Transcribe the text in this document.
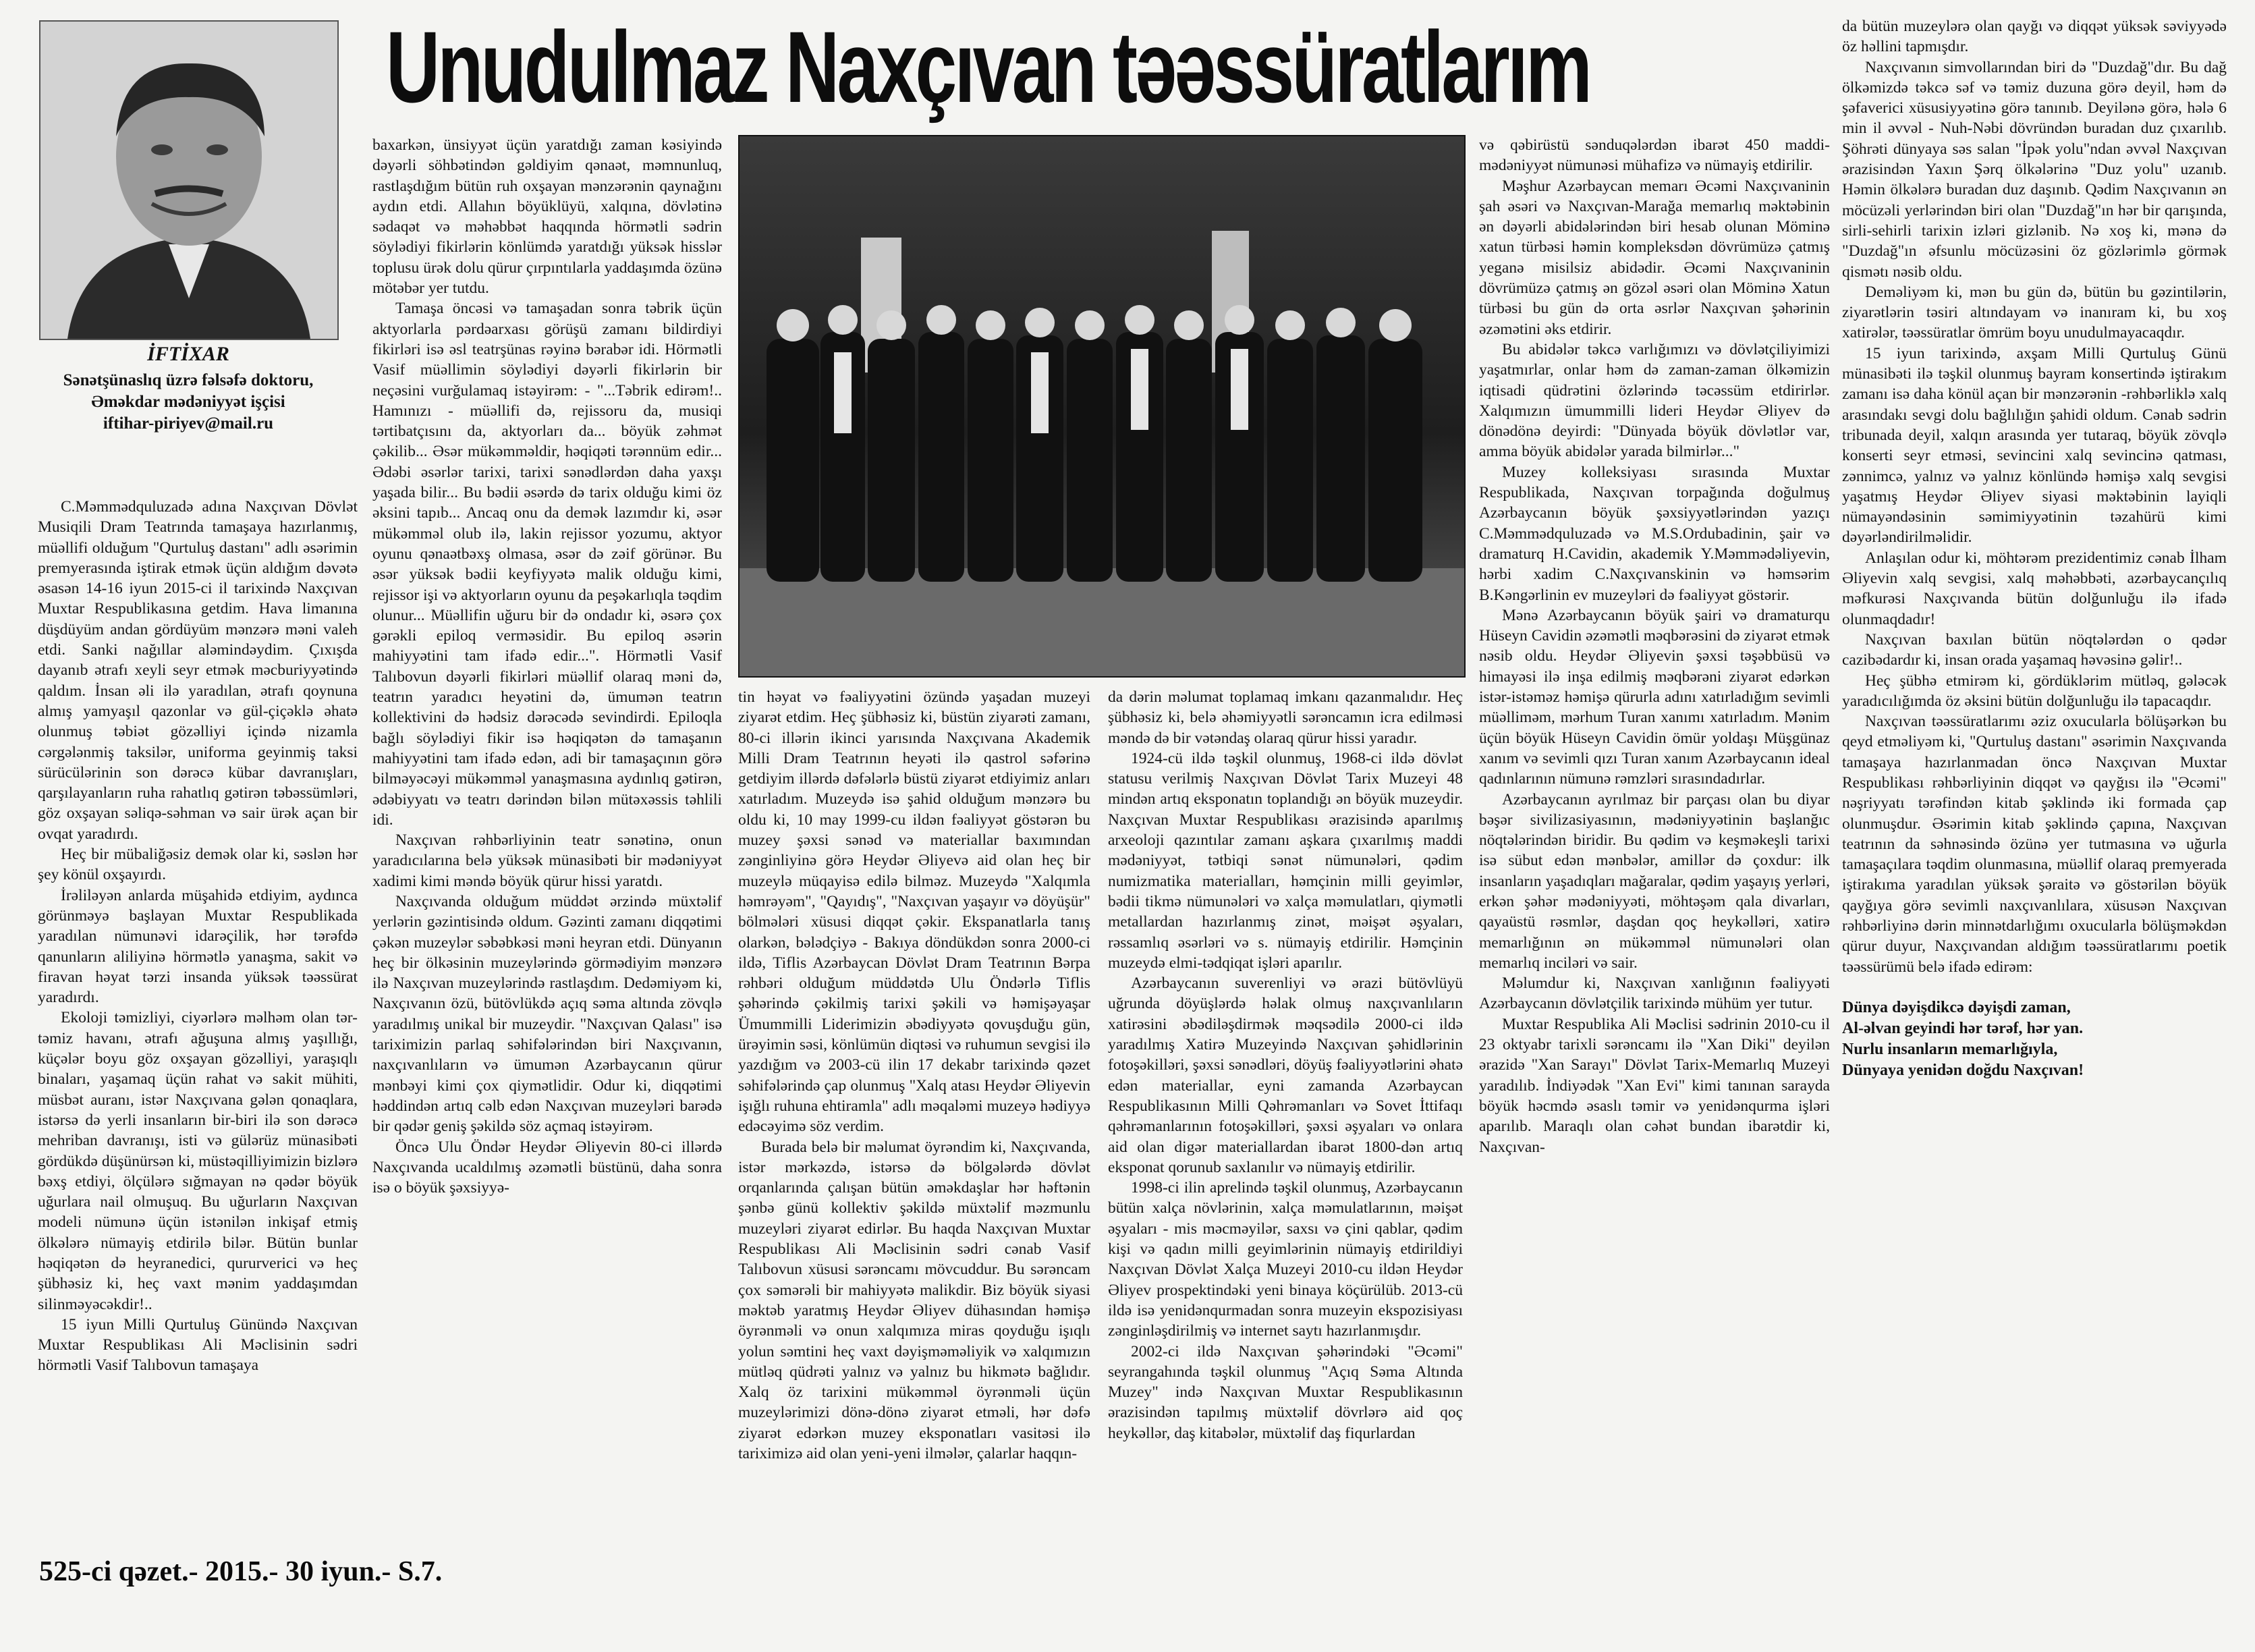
Unudulmaz Naxçıvan təəssüratlarım

İFTİXAR

Sənətşünaslıq üzrə fəlsəfə doktoru,

Əməkdar mədəniyyət işçisi

iftihar-piriyev@mail.ru

C.Məmmədquluzadə adına Naxçıvan Dövlət Musiqili Dram Teatrında tamaşaya hazırlanmış, müəllifi olduğum "Qurtuluş dastanı" adlı əsərimin premyerasında iştirak etmək üçün aldığım dəvətə əsasən 14-16 iyun 2015-ci il tarixində Naxçıvan Muxtar Respublikasına getdim. Hava limanına düşdüyüm andan gördüyüm mənzərə məni valeh etdi. Sanki nağıllar aləmindəydim. Çıxışda dayanıb ətrafı xeyli seyr etmək məcburiyyətində qaldım. İnsan əli ilə yaradılan, ətrafı qoynuna almış yamyaşıl qazonlar və gül-çiçəklə əhatə olunmuş təbiət gözəlliyi içində nizamla cərgələnmiş taksilər, uniforma geyinmiş taksi sürücülərinin son dərəcə kübar davranışları, qarşılayanların ruha rahatlıq gətirən təbəssümləri, göz oxşayan səliqə-səhman və sair ürək açan bir ovqat yaradırdı.

Heç bir mübaliğəsiz demək olar ki, səslən hər şey könül oxşayırdı.

İrəliləyən anlarda müşahidə etdiyim, aydınca görünməyə başlayan Muxtar Respublikada yaradılan nümunəvi idarəçilik, hər tərəfdə qanunların aliliyinə hörmətlə yanaşma, sakit və firavan həyat tərzi insanda yüksək təəssürat yaradırdı.

Ekoloji təmizliyi, ciyərlərə məlhəm olan tər-təmiz havanı, ətrafı ağuşuna almış yaşıllığı, küçələr boyu göz oxşayan gözəlliyi, yaraşıqlı binaları, yaşamaq üçün rahat və sakit mühiti, müsbət auranı, istər Naxçıvana gələn qonaqlara, istərsə də yerli insanların bir-biri ilə son dərəcə mehriban davranışı, isti və gülərüz münasibəti gördükdə düşünürsən ki, müstəqilliyimizin bizlərə bəxş etdiyi, ölçülərə sığmayan nə qədər böyük uğurlara nail olmuşuq. Bu uğurların Naxçıvan modeli nümunə üçün istənilən inkişaf etmiş ölkələrə nümayiş etdirilə bilər. Bütün bunlar həqiqətən də heyranedici, qururverici və heç şübhəsiz ki, heç vaxt mənim yaddaşımdan silinməyəcəkdir!..

15 iyun Milli Qurtuluş Günündə Naxçıvan Muxtar Respublikası Ali Məclisinin sədri hörmətli Vasif Talıbovun tamaşaya

baxarkən, ünsiyyət üçün yaratdığı zaman kəsiyində dəyərli söhbətindən gəldiyim qənaət, məmnunluq, rastlaşdığım bütün ruh oxşayan mənzərənin qaynağını aydın etdi. Allahın böyüklüyü, xalqına, dövlətinə sədaqət və məhəbbət haqqında hörmətli sədrin söylədiyi fikirlərin könlümdə yaratdığı yüksək hisslər toplusu ürək dolu qürur çırpıntılarla yaddaşımda özünə mötəbər yer tutdu.

Tamaşa öncəsi və tamaşadan sonra təbrik üçün aktyorlarla pərdəarxası görüşü zamanı bildirdiyi fikirləri isə əsl teatrşünas rəyinə bərabər idi. Hörmətli Vasif müəllimin söylədiyi dəyərli fikirlərin bir neçəsini vurğulamaq istəyirəm: - "...Təbrik edirəm!.. Hamınızı - müəllifi də, rejissoru da, musiqi tərtibatçısını da, aktyorları da... böyük zəhmət çəkilib... Əsər mükəmməldir, həqiqəti tərənnüm edir... Ədəbi əsərlər tarixi, tarixi sənədlərdən daha yaxşı yaşada bilir... Bu bədii əsərdə də tarix olduğu kimi öz əksini tapıb... Ancaq onu da demək lazımdır ki, əsər mükəmməl olub ilə, lakin rejissor yozumu, aktyor oyunu qənaətbəxş olmasa, əsər də zəif görünər. Bu əsər yüksək bədii keyfiyyətə malik olduğu kimi, rejissor işi və aktyorların oyunu da peşəkarlıqla təqdim olunur... Müəllifin uğuru bir də ondadır ki, əsərə çox gərəkli epiloq verməsidir. Bu epiloq əsərin mahiyyətini tam ifadə edir...". Hörmətli Vasif Talıbovun dəyərli fikirləri müəllif olaraq məni də, teatrın yaradıcı heyətini də, ümumən teatrın kollektivini də hədsiz dərəcədə sevindirdi. Epiloqla bağlı söylədiyi fikir isə həqiqətən də tamaşanın mahiyyətini tam ifadə edən, adi bir tamaşaçının görə bilməyəcəyi mükəmməl yanaşmasına aydınlıq gətirən, ədəbiyyatı və teatrı dərindən bilən mütəxəssis təhlili idi.

Naxçıvan rəhbərliyinin teatr sənətinə, onun yaradıcılarına belə yüksək münasibəti bir mədəniyyət xadimi kimi məndə böyük qürur hissi yaratdı.

Naxçıvanda olduğum müddət ərzində müxtəlif yerlərin gəzintisində oldum. Gəzinti zamanı diqqətimi çəkən muzeylər səbəbkəsi məni heyran etdi. Dünyanın heç bir ölkəsinin muzeylərində görmədiyim mənzərə ilə Naxçıvan muzeylərində rastlaşdım. Dedəmiyəm ki, Naxçıvanın özü, bütövlükdə açıq səma altında zövqlə yaradılmış unikal bir muzeydir. "Naxçıvan Qalası" isə tariximizin parlaq səhifələrindən biri Naxçıvanın, naxçıvanlıların və ümumən Azərbaycanın qürur mənbəyi kimi çox qiymətlidir. Odur ki, diqqətimi həddindən artıq cəlb edən Naxçıvan muzeyləri barədə bir qədər geniş şəkildə söz açmaq istəyirəm.

Öncə Ulu Öndər Heydər Əliyevin 80-ci illərdə Naxçıvanda ucaldılmış əzəmətli büstünü, daha sonra isə o böyük şəxsiyyə-

tin həyat və fəaliyyətini özündə yaşadan muzeyi ziyarət etdim. Heç şübhəsiz ki, büstün ziyarəti zamanı, 80-ci illərin ikinci yarısında Naxçıvana Akademik Milli Dram Teatrının heyəti ilə qastrol səfərinə getdiyim illərdə dəfələrlə büstü ziyarət etdiyimiz anları xatırladım. Muzeydə isə şahid olduğum mənzərə bu oldu ki, 10 may 1999-cu ildən fəaliyyət göstərən bu muzey şəxsi sənəd və materiallar baxımından zənginliyinə görə Heydər Əliyevə aid olan heç bir muzeylə müqayisə edilə bilməz. Muzeydə "Xalqımla həmrəyəm", "Qayıdış", "Naxçıvan yaşayır və döyüşür" bölmələri xüsusi diqqət çəkir. Ekspanatlarla tanış olarkən, bələdçiyə - Bakıya döndükdən sonra 2000-ci ildə, Tiflis Azərbaycan Dövlət Dram Teatrının Bərpa rəhbəri olduğum müddətdə Ulu Öndərlə Tiflis şəhərində çəkilmiş tarixi şəkili və həmişəyaşar Ümummilli Liderimizin əbədiyyətə qovuşduğu gün, ürəyimin səsi, könlümün diqtəsi və ruhumun sevgisi ilə yazdığım və 2003-cü ilin 17 dekabr tarixində qəzet səhifələrində çap olunmuş "Xalq atası Heydər Əliyevin işığlı ruhuna ehtiramla" adlı məqaləmi muzeyə hədiyyə edəcəyimə söz verdim.

Burada belə bir məlumat öyrəndim ki, Naxçıvanda, istər mərkəzdə, istərsə də bölgələrdə dövlət orqanlarında çalışan bütün əməkdaşlar hər həftənin şənbə günü kollektiv şəkildə müxtəlif məzmunlu muzeyləri ziyarət edirlər. Bu haqda Naxçıvan Muxtar Respublikası Ali Məclisinin sədri cənab Vasif Talıbovun xüsusi sərəncamı mövcuddur. Bu sərəncam çox səmərəli bir mahiyyətə malikdir. Biz böyük siyasi məktəb yaratmış Heydər Əliyev dühasından həmişə öyrənməli və onun xalqımıza miras qoyduğu işıqlı yolun səmtini heç vaxt dəyişməməliyik və xalqımızın mütləq qüdrəti yalnız və yalnız bu hikmətə bağlıdır. Xalq öz tarixini mükəmməl öyrənməli üçün muzeylərimizi dönə-dönə ziyarət etməli, hər dəfə ziyarət edərkən muzey eksponatları vasitəsi ilə tariximizə aid olan yeni-yeni ilmələr, çalarlar haqqın-

da dərin məlumat toplamaq imkanı qazanmalıdır. Heç şübhəsiz ki, belə əhəmiyyətli sərəncamın icra edilməsi məndə də bir vətəndaş olaraq qürur hissi yaradır.

1924-cü ildə təşkil olunmuş, 1968-ci ildə dövlət statusu verilmiş Naxçıvan Dövlət Tarix Muzeyi 48 mindən artıq eksponatın toplandığı ən böyük muzeydir. Naxçıvan Muxtar Respublikası ərazisində aparılmış arxeoloji qazıntılar zamanı aşkara çıxarılmış maddi mədəniyyət, tətbiqi sənət nümunələri, qədim numizmatika materialları, həmçinin milli geyimlər, bədii tikmə nümunələri və xalça məmulatları, qiymətli metallardan hazırlanmış zinət, məişət əşyaları, rəssamlıq əsərləri və s. nümayiş etdirilir. Həmçinin muzeydə elmi-tədqiqat işləri aparılır.

Azərbaycanın suverenliyi və ərazi bütövlüyü uğrunda döyüşlərdə həlak olmuş naxçıvanlıların xatirəsini əbədiləşdirmək məqsədilə 2000-ci ildə yaradılmış Xatirə Muzeyində Naxçıvan şəhidlərinin fotoşəkilləri, şəxsi sənədləri, döyüş fəaliyyətlərini əhatə edən materiallar, eyni zamanda Azərbaycan Respublikasının Milli Qəhrəmanları və Sovet İttifaqı qəhrəmanlarının fotoşəkilləri, şəxsi əşyaları və onlara aid olan digər materiallardan ibarət 1800-dən artıq eksponat qorunub saxlanılır və nümayiş etdirilir.

1998-ci ilin aprelində təşkil olunmuş, Azərbaycanın bütün xalça növlərinin, xalça məmulatlarının, məişət əşyaları - mis məcməyilər, saxsı və çini qablar, qədim kişi və qadın milli geyimlərinin nümayiş etdirildiyi Naxçıvan Dövlət Xalça Muzeyi 2010-cu ildən Heydər Əliyev prospektindəki yeni binaya köçürülüb. 2013-cü ildə isə yenidənqurmadan sonra muzeyin ekspozisiyası zənginləşdirilmiş və internet saytı hazırlanmışdır.

2002-ci ildə Naxçıvan şəhərindəki "Əcəmi" seyrangahında təşkil olunmuş "Açıq Səma Altında Muzey" ində Naxçıvan Muxtar Respublikasının ərazisindən tapılmış müxtəlif dövrlərə aid qoç heykəllər, daş kitabələr, müxtəlif daş fiqurlardan

və qəbirüstü sənduqələrdən ibarət 450 maddi-mədəniyyət nümunəsi mühafizə və nümayiş etdirilir.

Məşhur Azərbaycan memarı Əcəmi Naxçıvaninin şah əsəri və Naxçıvan-Marağa memarlıq məktəbinin ən dəyərli abidələrindən biri hesab olunan Möminə xatun türbəsi həmin kompleksdən dövrümüzə çatmış yeganə misilsiz abidədir. Əcəmi Naxçıvaninin dövrümüzə çatmış ən gözəl əsəri olan Möminə Xatun türbəsi bu gün də orta əsrlər Naxçıvan şəhərinin əzəmətini əks etdirir.

Bu abidələr təkcə varlığımızı və dövlətçiliyimizi yaşatmırlar, onlar həm də zaman-zaman ölkəmizin iqtisadi qüdrətini özlərində təcəssüm etdirirlər. Xalqımızın ümummilli lideri Heydər Əliyev də dönədönə deyirdi: "Dünyada böyük dövlətlər var, amma böyük abidələr yarada bilmirlər..."

Muzey kolleksiyası sırasında Muxtar Respublikada, Naxçıvan torpağında doğulmuş Azərbaycanın böyük şəxsiyyətlərindən yazıçı C.Məmmədquluzadə və M.S.Ordubadinin, şair və dramaturq H.Cavidin, akademik Y.Məmmədəliyevin, hərbi xadim C.Naxçıvanskinin və həmsərim B.Kəngərlinin ev muzeyləri də fəaliyyət göstərir.

Mənə Azərbaycanın böyük şairi və dramaturqu Hüseyn Cavidin əzəmətli məqbərəsini də ziyarət etmək nəsib oldu. Heydər Əliyevin şəxsi təşəbbüsü və himayəsi ilə inşa edilmiş məqbərəni ziyarət edərkən istər-istəməz həmişə qürurla adını xatırladığım sevimli müəlliməm, mərhum Turan xanımı xatırladım. Mənim üçün böyük Hüseyn Cavidin ömür yoldaşı Müşgünaz xanım və sevimli qızı Turan xanım Azərbaycanın ideal qadınlarının nümunə rəmzləri sırasındadırlar.

Azərbaycanın ayrılmaz bir parçası olan bu diyar bəşər sivilizasiyasının, mədəniyyətinin başlanğıc nöqtələrindən biridir. Bu qədim və keşməkeşli tarixi isə sübut edən mənbələr, amillər də çoxdur: ilk insanların yaşadıqları mağaralar, qədim yaşayış yerləri, erkən şəhər mədəniyyəti, möhtəşəm qala divarları, qayaüstü rəsmlər, daşdan qoç heykəlləri, xatirə memarlığının ən mükəmməl nümunələri olan memarlıq inciləri və sair.

Məlumdur ki, Naxçıvan xanlığının fəaliyyəti Azərbaycanın dövlətçilik tarixində mühüm yer tutur.

Muxtar Respublika Ali Məclisi sədrinin 2010-cu il 23 oktyabr tarixli sərəncamı ilə "Xan Diki" deyilən ərazidə "Xan Sarayı" Dövlət Tarix-Memarlıq Muzeyi yaradılıb. İndiyədək "Xan Evi" kimi tanınan sarayda böyük həcmdə əsaslı təmir və yenidənqurma işləri aparılıb. Maraqlı olan cəhət bundan ibarətdir ki, Naxçıvan-

da bütün muzeylərə olan qayğı və diqqət yüksək səviyyədə öz həllini tapmışdır.

Naxçıvanın simvollarından biri də "Duzdağ"dır. Bu dağ ölkəmizdə təkcə səf və təmiz duzuna görə deyil, həm də şəfaverici xüsusiyyətinə görə tanınıb. Deyilənə görə, hələ 6 min il əvvəl - Nuh-Nəbi dövründən buradan duz çıxarılıb. Şöhrəti dünyaya səs salan "İpək yolu"ndan əvvəl Naxçıvan ərazisindən Yaxın Şərq ölkələrinə "Duz yolu" uzanıb. Həmin ölkələrə buradan duz daşınıb. Qədim Naxçıvanın ən möcüzəli yerlərindən biri olan "Duzdağ"ın hər bir qarışında, sirli-sehirli tarixin izləri gizlənib. Nə xoş ki, mənə də "Duzdağ"ın əfsunlu möcüzəsini öz gözlərimlə görmək qismətı nəsib oldu.

Deməliyəm ki, mən bu gün də, bütün bu gəzintilərin, ziyarətlərin təsiri altındayam və inanıram ki, bu xoş xatirələr, təəssüratlar ömrüm boyu unudulmayacaqdır.

15 iyun tarixində, axşam Milli Qurtuluş Günü münasibəti ilə təşkil olunmuş bayram konsertində iştirakım zamanı isə daha könül açan bir mənzərənin -rəhbərliklə xalq arasındakı sevgi dolu bağlılığın şahidi oldum. Cənab sədrin tribunada deyil, xalqın arasında yer tutaraq, böyük zövqlə konserti seyr etməsi, sevincini xalq sevincinə qatması, zənnimcə, yalnız və yalnız könlündə həmişə xalq sevgisi yaşatmış Heydər Əliyev siyasi məktəbinin layiqli nümayəndəsinin səmimiyyətinin təzahürü kimi dəyərləndirilməlidir.

Anlaşılan odur ki, möhtərəm prezidentimiz cənab İlham Əliyevin xalq sevgisi, xalq məhəbbəti, azərbaycançılıq məfkurəsi Naxçıvanda bütün dolğunluğu ilə ifadə olunmaqdadır!

Naxçıvan baxılan bütün nöqtələrdən o qədər cazibədardır ki, insan orada yaşamaq həvəsinə gəlir!..

Heç şübhə etmirəm ki, gördüklərim mütləq, gələcək yaradıcılığımda öz əksini bütün dolğunluğu ilə tapacaqdır.

Naxçıvan təəssüratlarımı əziz oxucularla bölüşərkən bu qeyd etməliyəm ki, "Qurtuluş dastanı" əsərimin Naxçıvanda tamaşaya hazırlanmadan öncə Naxçıvan Muxtar Respublikası rəhbərliyinin diqqət və qayğısı ilə "Əcəmi" nəşriyyatı tərəfindən kitab şəklində iki formada çap olunmuşdur. Əsərimin kitab şəklində çapına, Naxçıvan teatrının da səhnəsində özünə yer tutmasına və uğurla tamaşaçılara təqdim olunmasına, müəllif olaraq premyerada iştirakıma yaradılan yüksək şəraitə və göstərilən böyük qayğıya görə sevimli naxçıvanlılara, xüsusən Naxçıvan rəhbərliyinə dərin minnətdarlığımı oxucularla bölüşməkdən qürur duyur, Naxçıvandan aldığım təəssüratlarımı poetik təəssürümü belə ifadə edirəm:

Dünya dəyişdikcə dəyişdi zaman,
Al-əlvan geyindi hər tərəf, hər yan.
Nurlu insanların memarlığıyla,
Dünyaya yenidən doğdu Naxçıvan!
525-ci qəzet.- 2015.- 30 iyun.- S.7.
